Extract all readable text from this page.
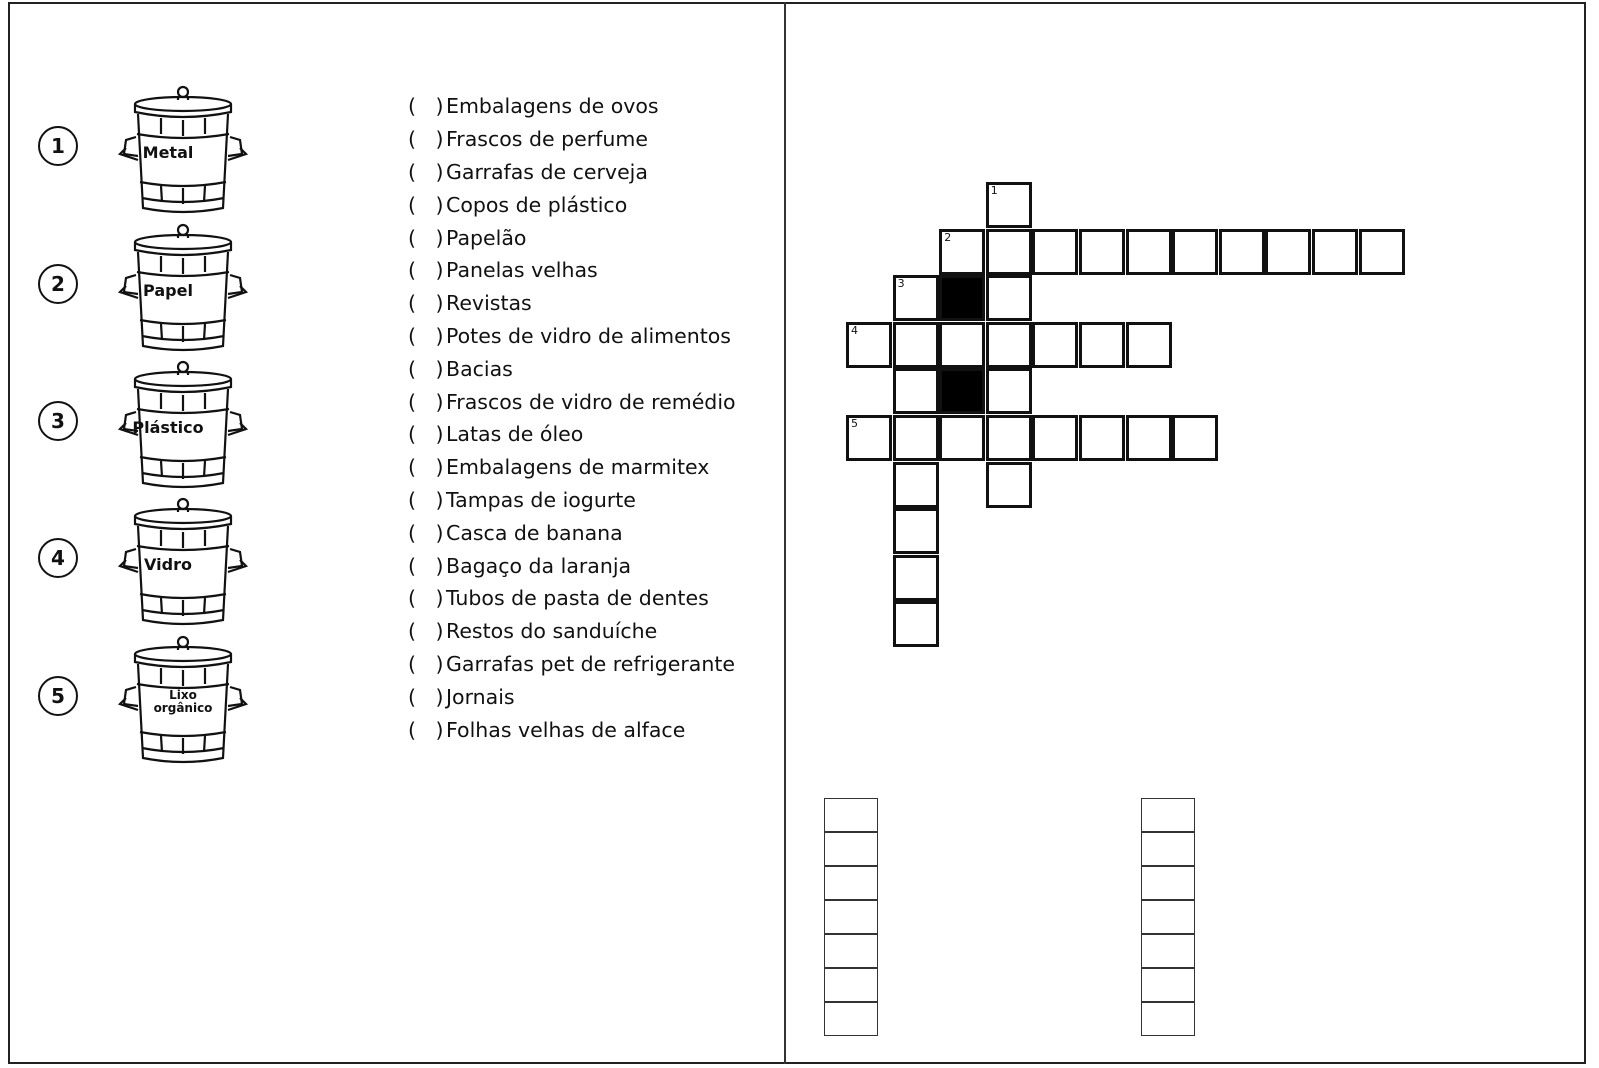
1	Metal
2	Papel
3	Plástico
4	Vidro
5	Lixo orgânico
(   ) Embalagens de ovos
(   ) Frascos de perfume
(   ) Garrafas de cerveja
(   ) Copos de plástico
(   ) Papelão
(   ) Panelas velhas
(   ) Revistas
(   ) Potes de vidro de alimentos
(   ) Bacias
(   ) Frascos de vidro de remédio
(   ) Latas de óleo
(   ) Embalagens de marmitex
(   ) Tampas de iogurte
(   ) Casca de banana
(   ) Bagaço da laranja
(   ) Tubos de pasta de dentes
(   ) Restos do sanduíche
(   ) Garrafas pet de refrigerante
(   ) Jornais
(   ) Folhas velhas de alface
1
2
3
4
5
